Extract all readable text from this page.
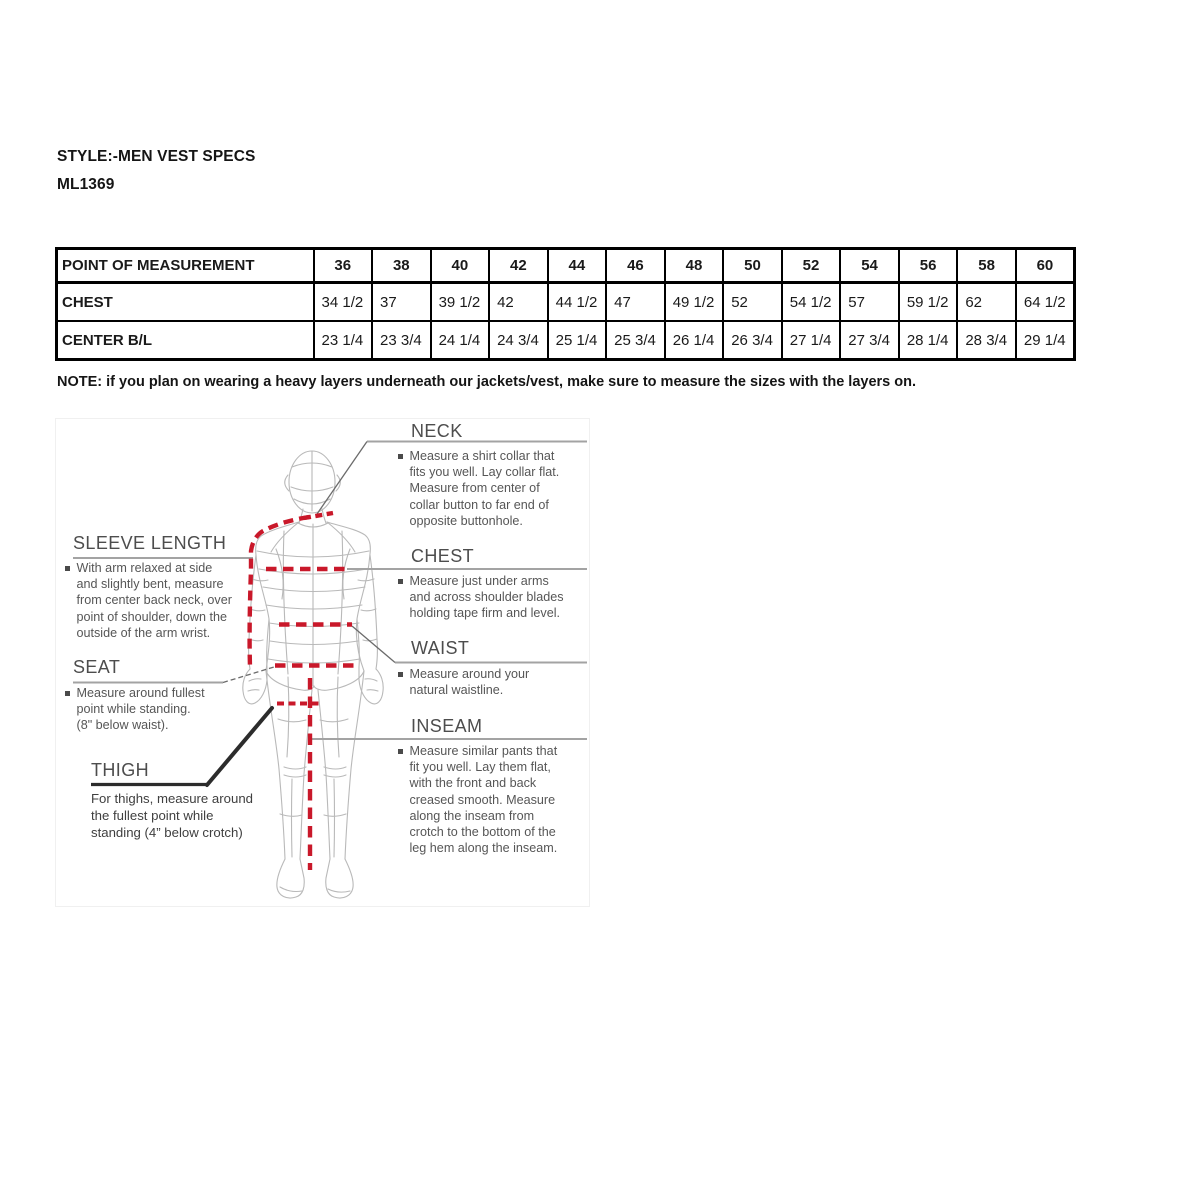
STYLE:-MEN VEST SPECS
ML1369
POINT OF MEASUREMENT	36	38	40	42	44	46	48	50	52	54	56	58	60
CHEST	34 1/2	37	39 1/2	42	44 1/2	47	49 1/2	52	54 1/2	57	59 1/2	62	64 1/2
CENTER B/L	23 1/4	23 3/4	24 1/4	24 3/4	25 1/4	25 3/4	26 1/4	26 3/4	27 1/4	27 3/4	28 1/4	28 3/4	29 1/4
NOTE: if you plan on wearing a heavy layers underneath our jackets/vest, make sure to measure the sizes with the layers on.
NECK
Measure a shirt collar that
fits you well. Lay collar flat.
Measure from center of
collar button to far end of
opposite buttonhole.
SLEEVE LENGTH
With arm relaxed at side
and slightly bent, measure
from center back neck, over
point of shoulder, down the
outside of the arm wrist.
CHEST
Measure just under arms
and across shoulder blades
holding tape firm and level.
WAIST
Measure around your
natural waistline.
SEAT
Measure around fullest
point while standing.
(8" below waist).	INSEAM
Measure similar pants that
fit you well. Lay them flat,
with the front and back
creased smooth. Measure
along the inseam from
crotch to the bottom of the
leg hem along the inseam.
THIGH
For thighs, measure around
the fullest point while
standing (4” below crotch)
